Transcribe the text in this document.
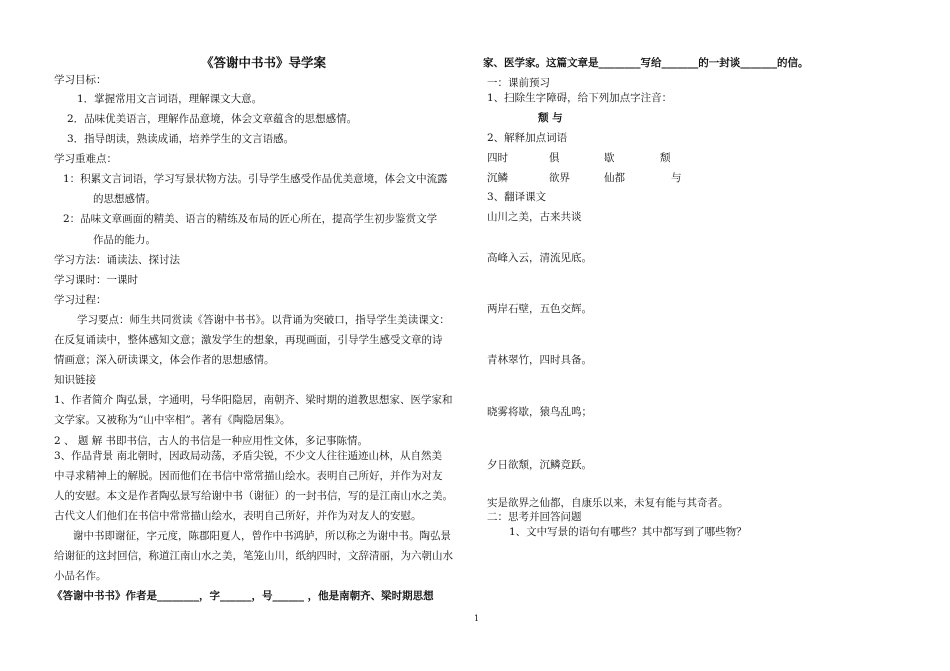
《答谢中书书》导学案
学习目标：
1．掌握常用文言词语，理解课文大意。
2．品味优美语言，理解作品意境，体会文章蕴含的思想感情。
3．指导朗读，熟读成诵，培养学生的文言语感。
学习重难点：
1：积累文言词语，学习写景状物方法。引导学生感受作品优美意境，体会文中流露
的思想感情。
2：品味文章画面的精美、语言的精练及布局的匠心所在，提高学生初步鉴赏文学
作品的能力。
学习方法：诵读法、探讨法
学习课时：一课时
学习过程：
学习要点：师生共同赏读《答谢中书书》。以背诵为突破口，指导学生美读课文：
在反复诵读中，整体感知文意；激发学生的想象，再现画面，引导学生感受文章的诗
情画意；深入研读课文，体会作者的思想感情。
知识链接
1、作者简介 陶弘景，字通明，号华阳隐居，南朝齐、梁时期的道教思想家、医学家和
文学家。又被称为“山中宰相”。著有《陶隐居集》。
2 、 题 解 书即书信，古人的书信是一种应用性文体，多记事陈情。
3、作品背景 南北朝时，因政局动荡，矛盾尖锐，不少文人往往遁迹山林，从自然美
中寻求精神上的解脱。因而他们在书信中常常描山绘水。表明自己所好，并作为对友
人的安慰。本文是作者陶弘景写给谢中书（谢征）的一封书信，写的是江南山水之美。
古代文人们他们在书信中常常描山绘水，表明自己所好，并作为对友人的安慰。
谢中书即谢征，字元度，陈郡阳夏人，曾作中书鸿胪，所以称之为谢中书。陶弘景
给谢征的这封回信，称道江南山水之美，笔笼山川，纸纳四时，文辞清丽，为六朝山水
小品名作。
《答谢中书书》作者是________，字______，号______ ，他是南朝齐、梁时期思想
家、医学家。这篇文章是________写给_______的一封谈_______的信。
一：课前预习
1、扫除生字障碍，给下列加点字注音：
颓 与
2、解释加点词语
四时	俱	歇	颓
沉鳞	欲界	仙都	与
3、翻译课文
山川之美，古来共谈
高峰入云，清流见底。
两岸石壁，五色交辉。
青林翠竹，四时具备。
晓雾将歇，猿鸟乱鸣；
夕日欲颓，沉鳞竞跃。
实是欲界之仙都，自康乐以来，未复有能与其奇者。
二：思考并回答问题
1、文中写景的语句有哪些？其中都写到了哪些物？
1
